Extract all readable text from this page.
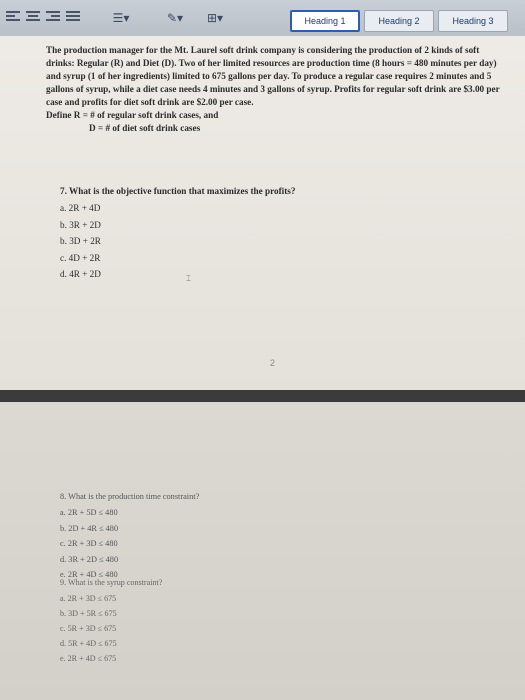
☰▾	✎▾	⊞▾	Heading 1	Heading 2	Heading 3

The production manager for the Mt. Laurel soft drink company is considering the production of 2 kinds of soft drinks: Regular (R) and Diet (D). Two of her limited resources are production time (8 hours = 480 minutes per day) and syrup (1 of her ingredients) limited to 675 gallons per day. To produce a regular case requires 2 minutes and 5 gallons of syrup, while a diet case needs 4 minutes and 3 gallons of syrup. Profits for regular soft drink are $3.00 per case and profits for diet soft drink are $2.00 per case.

Define R = # of regular soft drink cases, and

D = # of diet soft drink cases

7. What is the objective function that maximizes the profits?
a. 2R + 4D
b. 3R + 2D
b. 3D + 2R
c. 4D + 2R
d. 4R + 2D	⌶
2
8. What is the production time constraint?
a. 2R + 5D ≤ 480
b. 2D + 4R ≤ 480
c. 2R + 3D ≤ 480
d. 3R + 2D ≤ 480
e. 2R + 4D ≤ 480
9. What is the syrup constraint?
a. 2R + 3D ≤ 675
b. 3D + 5R ≤ 675
c. 5R + 3D ≤ 675
d. 5R + 4D ≤ 675
e. 2R + 4D ≤ 675
